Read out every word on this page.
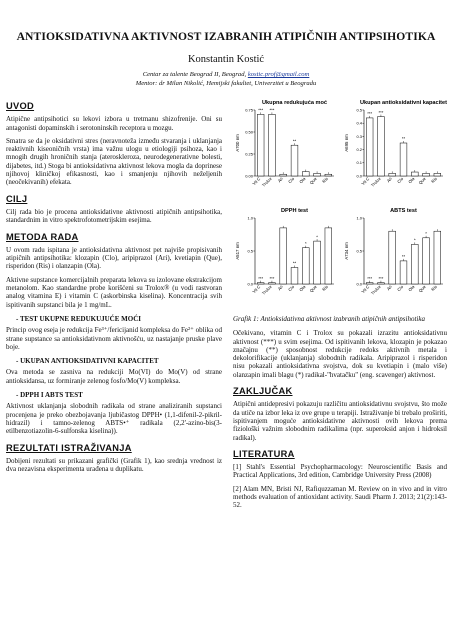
ANTIOKSIDATIVNA AKTIVNOST IZABRANIH ATIPIČNIH ANTIPSIHOTIKA
Konstantin Kostić
Centar za talente Beograd II, Beograd, kostic.prof@gmail.com
Mentor: dr Milan Nikolić, Hemijski fakultet, Univerzitet u Beogradu
UVOD

Atipične antipsihotici su lekovi izbora u tretmanu shizofrenije. Oni su antagonisti dopaminskih i serotoninskih receptora u mozgu.

Smatra se da je oksidativni stres (neravnoteža između stvaranja i uklanjanja reaktivnih kiseoničnih vrsta) ima važnu ulogu u etiologiji psihoza, kao i mnogih drugih hroničnih stanja (ateroskleroza, neurodegenerativne bolesti, dijabetes, itd.) Stoga bi antioksidativna aktivnost lekova mogla da doprinese njihovoj kliničkoj efikasnosti, kao i smanjenju njihovih neželjenih (neočekivanih) efekata.

CILJ

Cilj rada bio je procena antioksidativne aktivnosti atipičnih antipsihotika, standardnim in vitro spektrofotometrijskim esejima.

METODA RADA

U ovom radu ispitana je antioksidativna aktivnost pet najviše propisivanih atipičnih antipsihotika: klozapin (Clo), aripiprazol (Ari), kvetiapin (Que), risperidon (Ris) i olanzapin (Ola).

Aktivne supstance komercijalnih preparata lekova su izolovane ekstrakcijom metanolom. Kao standardne probe korišćeni su Trolox® (u vodi rastvoran analog vitamina E) i vitamin C (askorbinska kiselina). Koncentracija svih ispitivanih supstanci bila je 1 mg/mL.

- TEST UKUPNE REDUKUJUĆE MOĆI

Princip ovog eseja je redukcija Fe³⁺/fericijanid kompleksa do Fe²⁺ oblika od strane supstance sa antioksidativnom aktivnošću, uz nastajanje pruske plave boje.

- UKUPAN ANTIOKSIDATIVNI KAPACITET

Ova metoda se zasniva na redukciji Mo(VI) do Mo(V) od strane antioksidansa, uz formiranje zelenog fosfo/Mo(V) kompleksa.

- DPPH I ABTS TEST

Aktivnost uklanjanja slobodnih radikala od strane analiziranih supstanci procenjena je preko obezbojavanja ljubičastog DPPH• (1,1-difenil-2-pikril-hidrazil) i tamno-zelenog ABTS•⁺ radikala (2,2'-azino-bis(3-etilbenzotiazolin-6-sulfonska kiselina)).

REZULTATI ISTRAŽIVANJA

Dobijeni rezultati su prikazani grafički (Grafik 1), kao srednja vrednost iz dva nezavisna eksperimenta urađena u duplikatu.

Ukupna redukujuća moć
A700 nm
0.00
0.25
0.50
0.75 ***
Vit C
***
Trolox Ari
**
Clo Ola Que Ris
Ukupan antioksidativni kapacitet
A695 nm
0.0
0.1
0.2
0.3
0.4
0.5
***
Vit C
***
Trolox Ari
**
Clo Ola Que Ris
DPPH test
A517 nm
0.0
0.5
1.0
***
Vit C
***
Trolox Ari
**
Clo
*
Ola
*
Que Ris
ABTS test
A734 nm
0.0
0.5
1.0
***
Vit C
***
Trolox Ari
**
Clo
*
Ola
*
Que Ris
Grafik 1: Antioksidativna aktivnost izabranih atipičnih antipsihotika

Očekivano, vitamin C i Trolox su pokazali izrazitu antioksidativnu aktivnost (***) u svim esejima. Od ispitivanih lekova, klozapin je pokazao značajnu (**) sposobnost redukcije redoks aktivnih metala i dekolorifikacije (uklanjanja) slobodnih radikala. Aripiprazol i risperidon nisu pokazali antioksidativna svojstva, dok su kvetiapin i (malo više) olanzapin imali blagu (*) radikal-"hvatačku" (eng. scavenger) aktivnost.

ZAKLJUČAK

Atipični antidepresivi pokazuju različitu antioksidativnu svojstvu, što može da utiče na izbor leka iz ove grupe u terapiji. Istraživanje bi trebalo proširiti, ispitivanjem moguće antioksidativne aktivnosti ovih lekova prema fiziološki važnim slobodnim radikalima (npr. superoksid anjon i hidroksil radikal).

LITERATURA

[1] Stahl's Essential Psychopharmacology: Neuroscientific Basis and Practical Applications, 3rd edition, Cambridge University Press (2008)

[2] Alam MN, Bristi NJ, Rafiquzzaman M. Review on in vivo and in vitro methods evaluation of antioxidant activity. Saudi Pharm J. 2013; 21(2):143-52.
